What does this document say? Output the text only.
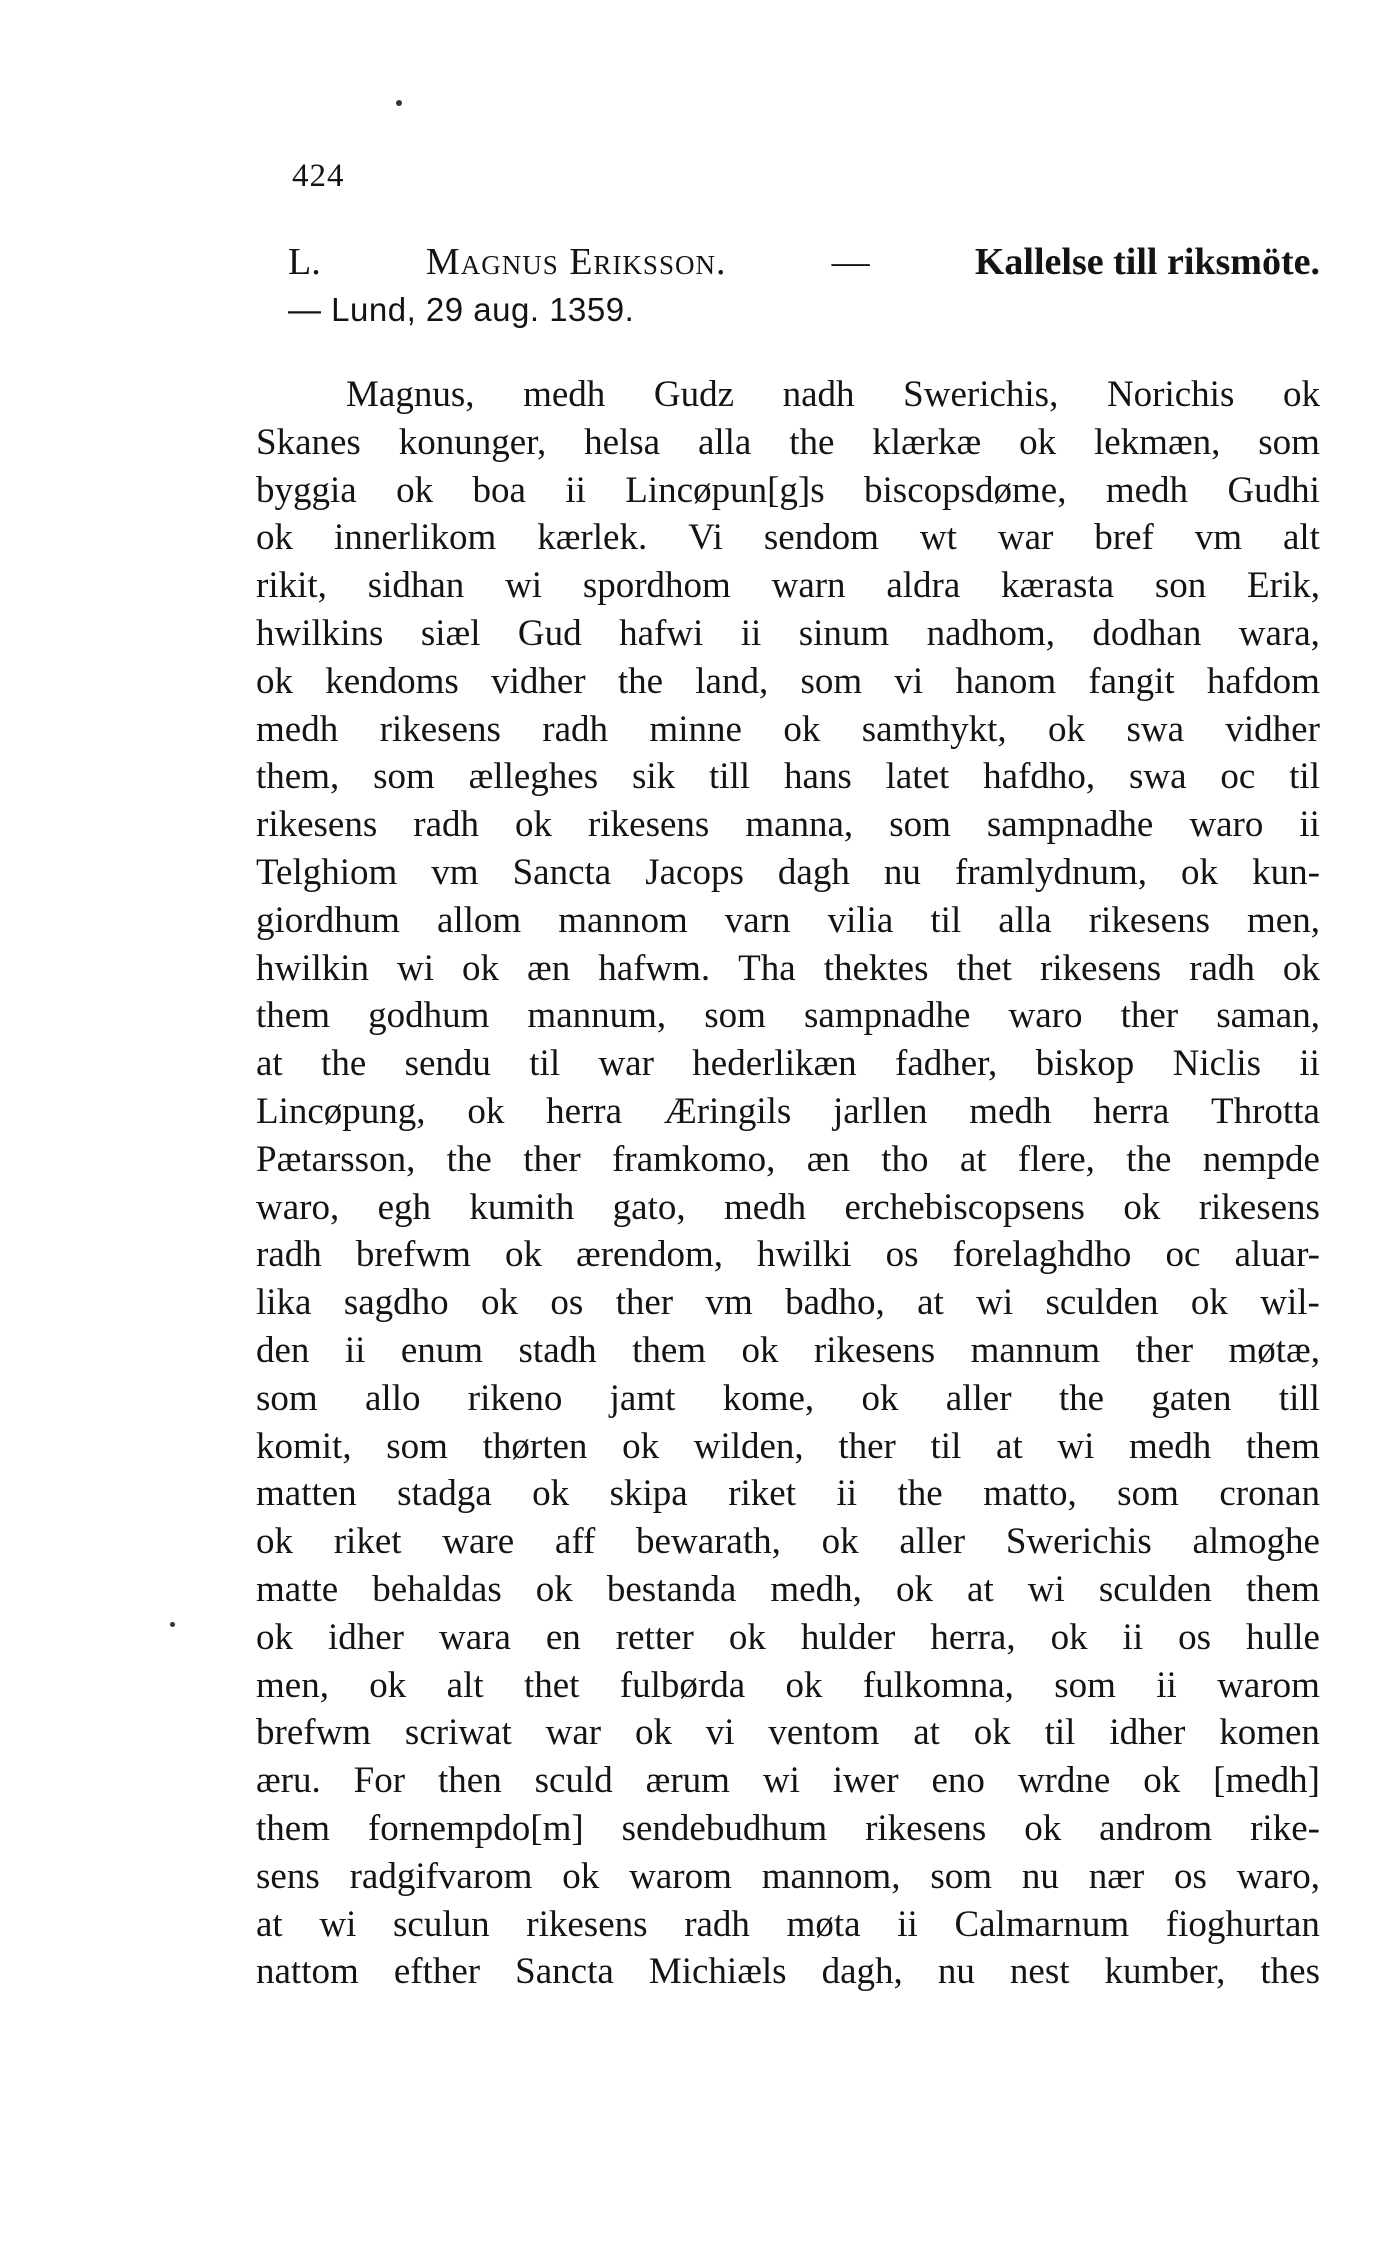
424
L.	Magnus Eriksson.	—	Kallelse till riksmöte.
— Lund, 29 aug. 1359.
Magnus, medh Gudz nadh Swerichis, Norichis ok
Skanes konunger, helsa alla the klærkæ ok lekmæn, som
byggia ok boa ii Lincøpun[g]s biscopsdøme, medh Gudhi
ok innerlikom kærlek. Vi sendom wt war bref vm alt
rikit, sidhan wi spordhom warn aldra kærasta son Erik,
hwilkins siæl Gud hafwi ii sinum nadhom, dodhan wara,
ok kendoms vidher the land, som vi hanom fangit hafdom
medh rikesens radh minne ok samthykt, ok swa vidher
them, som ælleghes sik till hans latet hafdho, swa oc til
rikesens radh ok rikesens manna, som sampnadhe waro ii
Telghiom vm Sancta Jacops dagh nu framlydnum, ok kun-
giordhum allom mannom varn vilia til alla rikesens men,
hwilkin wi ok æn hafwm. Tha thektes thet rikesens radh ok
them godhum mannum, som sampnadhe waro ther saman,
at the sendu til war hederlikæn fadher, biskop Niclis ii
Lincøpung, ok herra Æringils jarllen medh herra Throtta
Pætarsson, the ther framkomo, æn tho at flere, the nempde
waro, egh kumith gato, medh erchebiscopsens ok rikesens
radh brefwm ok ærendom, hwilki os forelaghdho oc aluar-
lika sagdho ok os ther vm badho, at wi sculden ok wil-
den ii enum stadh them ok rikesens mannum ther møtæ,
som allo rikeno jamt kome, ok aller the gaten till
komit, som thørten ok wilden, ther til at wi medh them
matten stadga ok skipa riket ii the matto, som cronan
ok riket ware aff bewarath, ok aller Swerichis almoghe
matte behaldas ok bestanda medh, ok at wi sculden them
ok idher wara en retter ok hulder herra, ok ii os hulle
men, ok alt thet fulbørda ok fulkomna, som ii warom
brefwm scriwat war ok vi ventom at ok til idher komen
æru. For then sculd ærum wi iwer eno wrdne ok [medh]
them fornempdo[m] sendebudhum rikesens ok androm rike-
sens radgifvarom ok warom mannom, som nu nær os waro,
at wi sculun rikesens radh møta ii Calmarnum fioghurtan
nattom efther Sancta Michiæls dagh, nu nest kumber, thes
